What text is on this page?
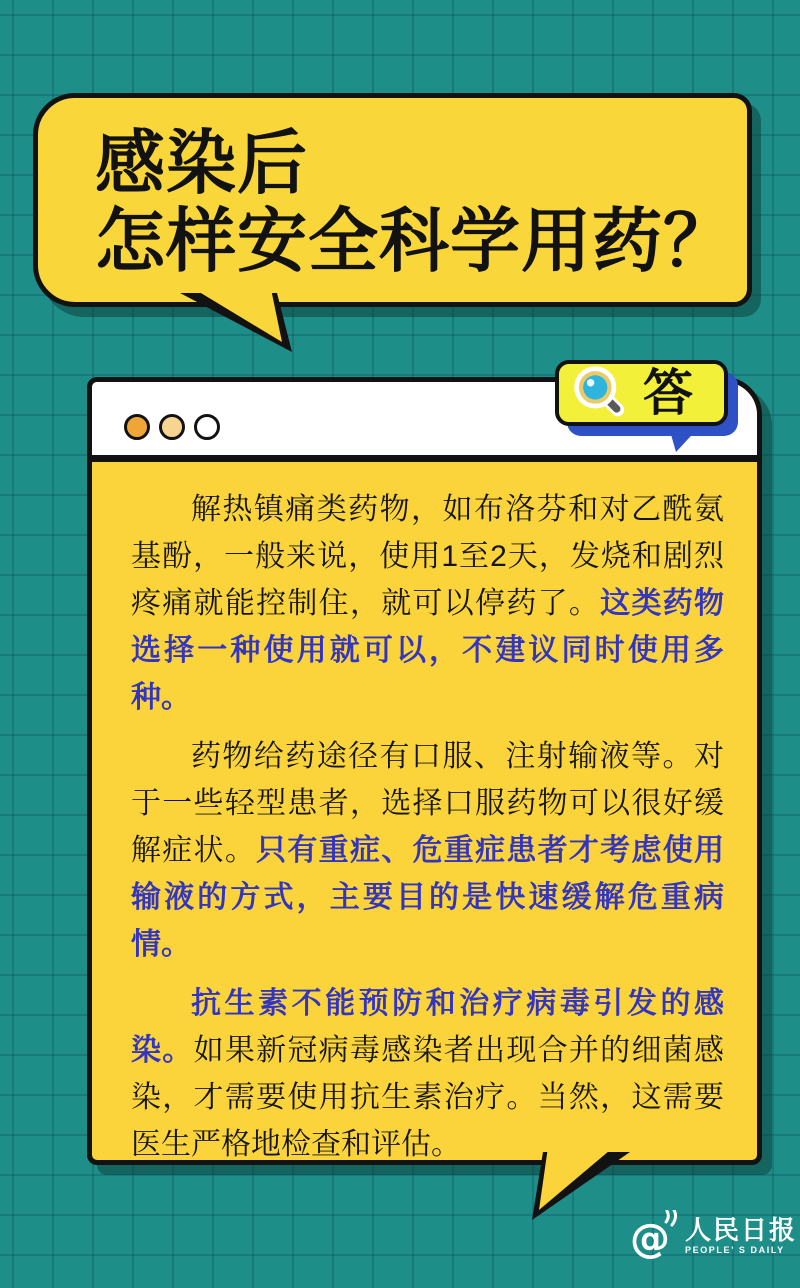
感染后
怎样安全科学用药？

解热镇痛类药物，如布洛芬和对乙酰氨基酚，一般来说，使用1至2天，发烧和剧烈疼痛就能控制住，就可以停药了。这类药物选择一种使用就可以，不建议同时使用多种。

药物给药途径有口服、注射输液等。对于一些轻型患者，选择口服药物可以很好缓解症状。只有重症、危重症患者才考虑使用输液的方式，主要目的是快速缓解危重病情。

抗生素不能预防和治疗病毒引发的感染。如果新冠病毒感染者出现合并的细菌感染，才需要使用抗生素治疗。当然，这需要医生严格地检查和评估。

答
@ 人民日报
PEOPLE’ S DAILY
